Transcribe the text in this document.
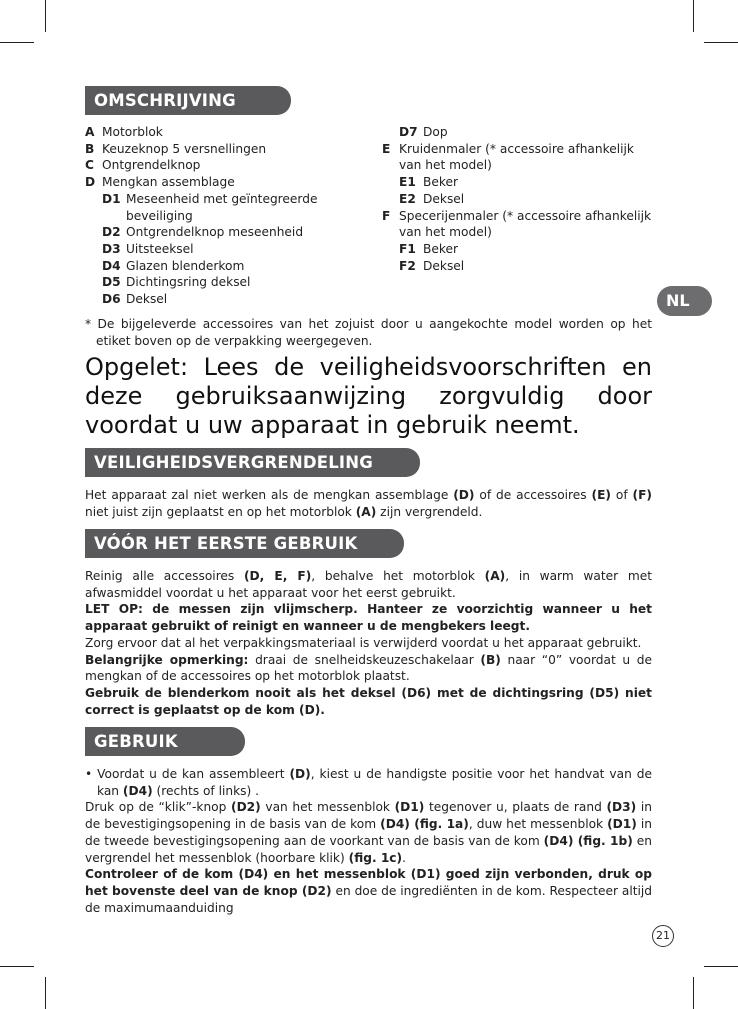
OMSCHRIJVING
A Motorblok
B Keuzeknop 5 versnellingen
C Ontgrendelknop
D Mengkan assemblage
D1 Meseenheid met geïntegreerde beveiliging
D2 Ontgrendelknop meseenheid
D3 Uitsteeksel
D4 Glazen blenderkom
D5 Dichtingsring deksel
D6 Deksel
D7 Dop
E Kruidenmaler (* accessoire afhankelijk van het model)
E1 Beker
E2 Deksel
F Specerijenmaler (* accessoire afhankelijk van het model)
F1 Beker
F2 Deksel
NL
* De bijgeleverde accessoires van het zojuist door u aangekochte model worden op het etiket boven op de verpakking weergegeven.
Opgelet: Lees de veiligheidsvoorschriften en deze gebruiksaanwijzing zorgvuldig door voordat u uw apparaat in gebruik neemt.
VEILIGHEIDSVERGRENDELING

Het apparaat zal niet werken als de mengkan assemblage (D) of de accessoires (E) of (F) niet juist zijn geplaatst en op het motorblok (A) zijn vergrendeld.

VÓÓR HET EERSTE GEBRUIK

Reinig alle accessoires (D, E, F), behalve het motorblok (A), in warm water met afwasmiddel voordat u het apparaat voor het eerst gebruikt.

LET OP: de messen zijn vlijmscherp. Hanteer ze voorzichtig wanneer u het apparaat gebruikt of reinigt en wanneer u de mengbekers leegt.

Zorg ervoor dat al het verpakkingsmateriaal is verwijderd voordat u het apparaat gebruikt.

Belangrijke opmerking: draai de snelheidskeuzeschakelaar (B) naar “0” voordat u de mengkan of de accessoires op het motorblok plaatst.

Gebruik de blenderkom nooit als het deksel (D6) met de dichtingsring (D5) niet correct is geplaatst op de kom (D).

GEBRUIK

• Voordat u de kan assembleert (D), kiest u de handigste positie voor het handvat van de kan (D4) (rechts of links) .

Druk op de “klik”-knop (D2) van het messenblok (D1) tegenover u, plaats de rand (D3) in de bevestigingsopening in de basis van de kom (D4) (fig. 1a), duw het messenblok (D1) in de tweede bevestigingsopening aan de voorkant van de basis van de kom (D4) (fig. 1b) en vergrendel het messenblok (hoorbare klik) (fig. 1c).

Controleer of de kom (D4) en het messenblok (D1) goed zijn verbonden, druk op het bovenste deel van de knop (D2) en doe de ingrediënten in de kom. Respecteer altijd de maximumaanduiding

21
